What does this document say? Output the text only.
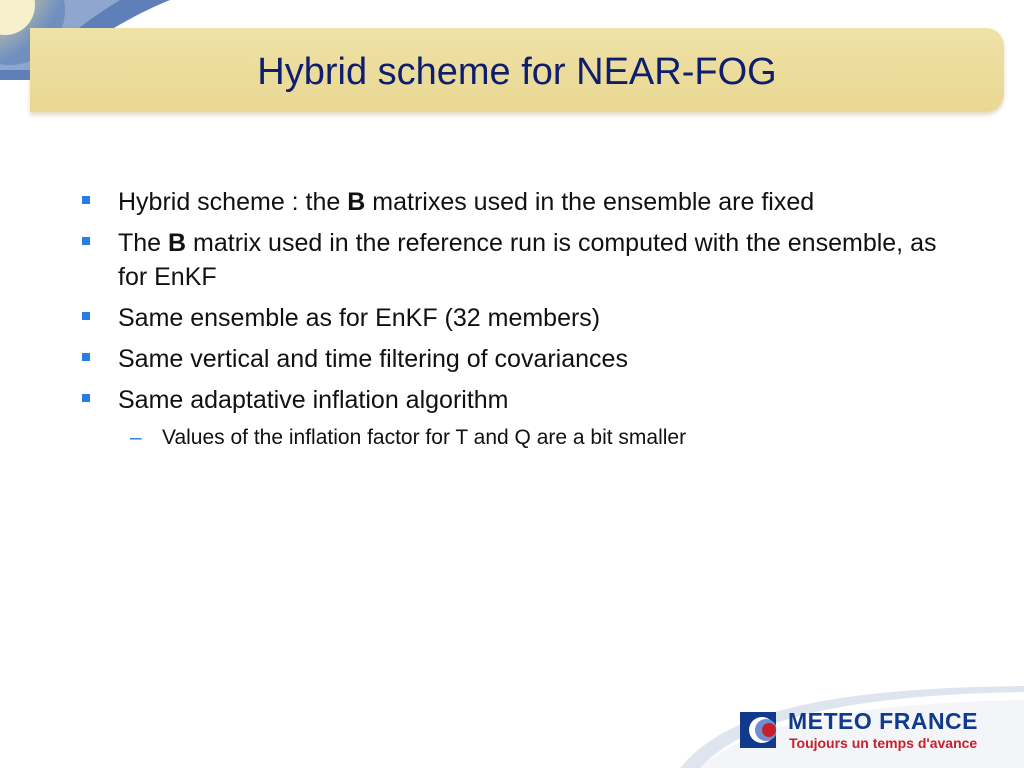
Hybrid scheme for NEAR-FOG
Hybrid scheme : the B matrixes used in the ensemble are fixed
The B matrix used in the reference run is computed with the ensemble, as for EnKF
Same ensemble as for EnKF (32 members)
Same vertical and time filtering of covariances
Same adaptative inflation algorithm
– Values of the inflation factor for T and Q are a bit smaller
METEO FRANCE
Toujours un temps d'avance
